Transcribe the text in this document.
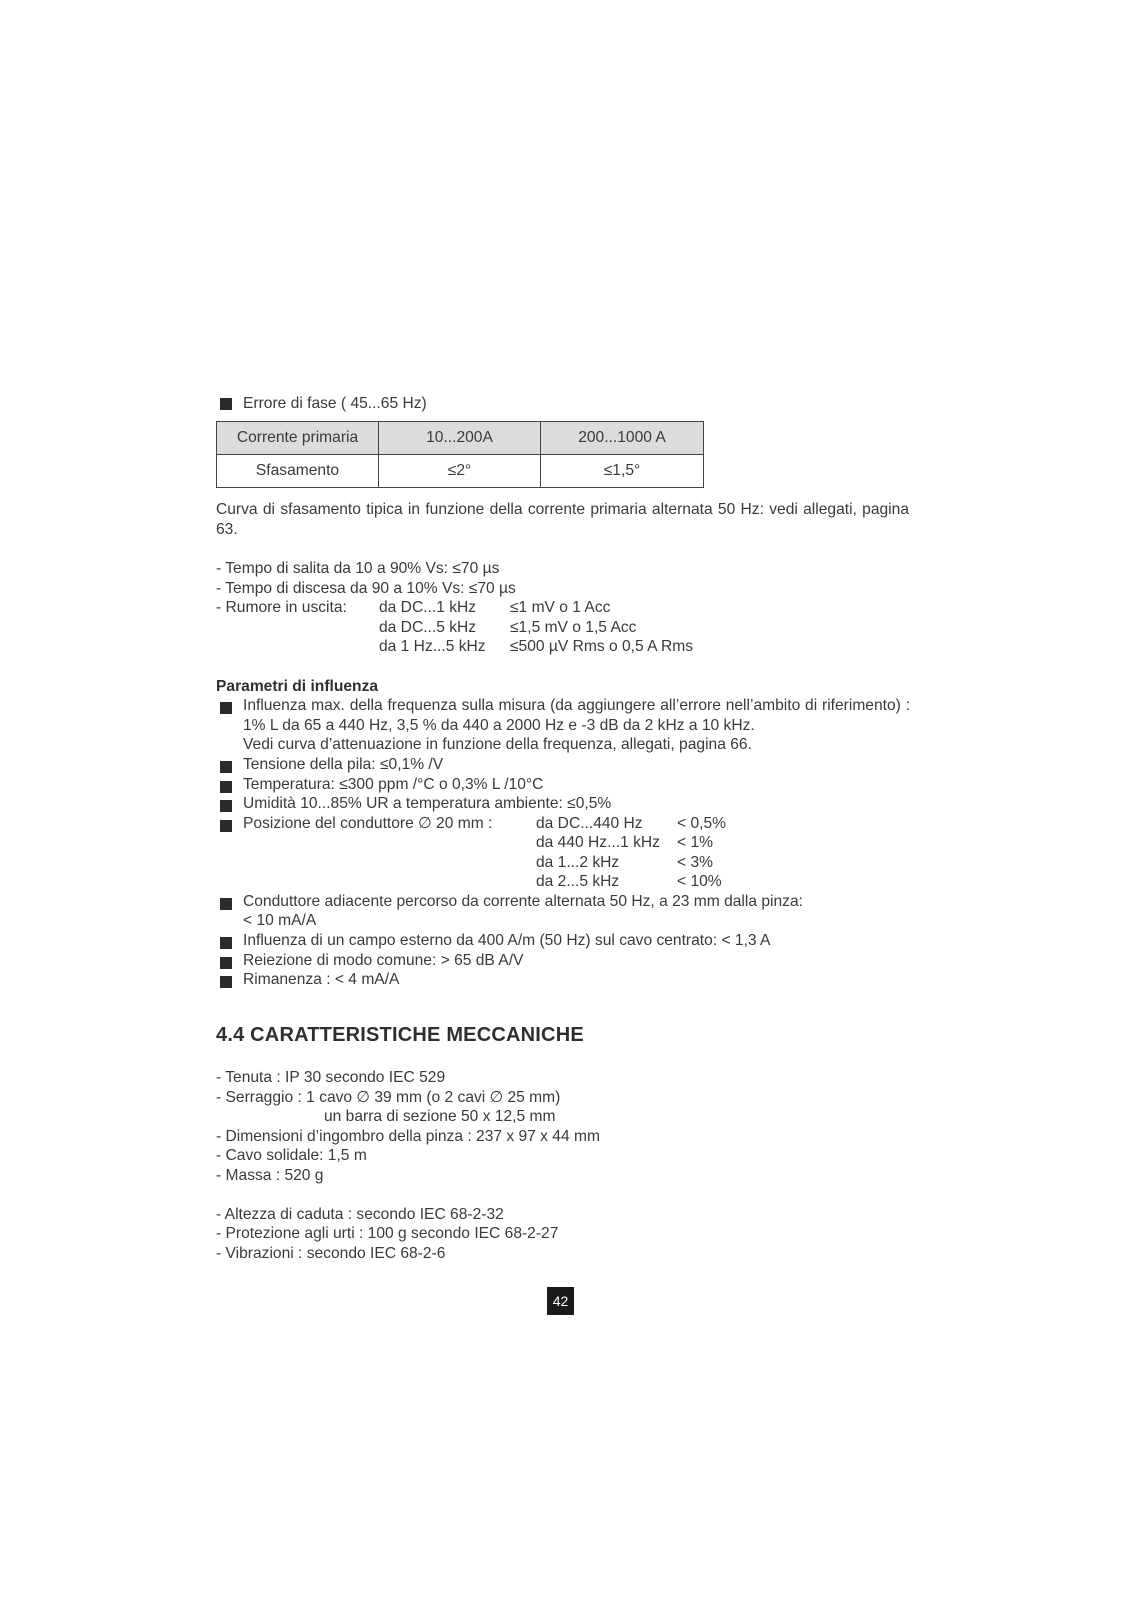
Errore di fase ( 45...65 Hz)
Corrente primaria	10...200A	200...1000 A
Sfasamento	≤2°	≤1,5°
Curva di sfasamento tipica in funzione della corrente primaria alternata 50 Hz: vedi allegati, pagina 63.
- Tempo di salita da 10 a 90% Vs: ≤70 µs
- Tempo di discesa da 90 a 10% Vs: ≤70 µs
- Rumore in uscita: da DC...1 kHz ≤1 mV o 1 Acc
da DC...5 kHz ≤1,5 mV o 1,5 Acc
da 1 Hz...5 kHz ≤500 µV Rms o 0,5 A Rms
Parametri di influenza
Influenza max. della frequenza sulla misura (da aggiungere all’errore nell’ambito di riferimento) : 1% L da 65 a 440 Hz, 3,5 % da 440 a 2000 Hz e -3 dB da 2 kHz a 10 kHz.
Vedi curva d’attenuazione in funzione della frequenza, allegati, pagina 66.
Tensione della pila: ≤0,1% /V
Temperatura: ≤300 ppm /°C o 0,3% L /10°C
Umidità 10...85% UR a temperatura ambiente: ≤0,5%
Posizione del conduttore ∅ 20 mm :	da DC...440 Hz < 0,5%
da 440 Hz...1 kHz < 1%
da 1...2 kHz	< 3%
da 2...5 kHz	< 10%
Conduttore adiacente percorso da corrente alternata 50 Hz, a 23 mm dalla pinza:
< 10 mA/A
Influenza di un campo esterno da 400 A/m (50 Hz) sul cavo centrato: < 1,3 A
Reiezione di modo comune: > 65 dB A/V
Rimanenza : < 4 mA/A
4.4 CARATTERISTICHE MECCANICHE
- Tenuta : IP 30 secondo IEC 529
- Serraggio : 1 cavo ∅ 39 mm (o 2 cavi ∅ 25 mm)
un barra di sezione 50 x 12,5 mm
- Dimensioni d’ingombro della pinza : 237 x 97 x 44 mm
- Cavo solidale: 1,5 m
- Massa : 520 g
- Altezza di caduta : secondo IEC 68-2-32
- Protezione agli urti : 100 g secondo IEC 68-2-27
- Vibrazioni : secondo IEC 68-2-6
42
